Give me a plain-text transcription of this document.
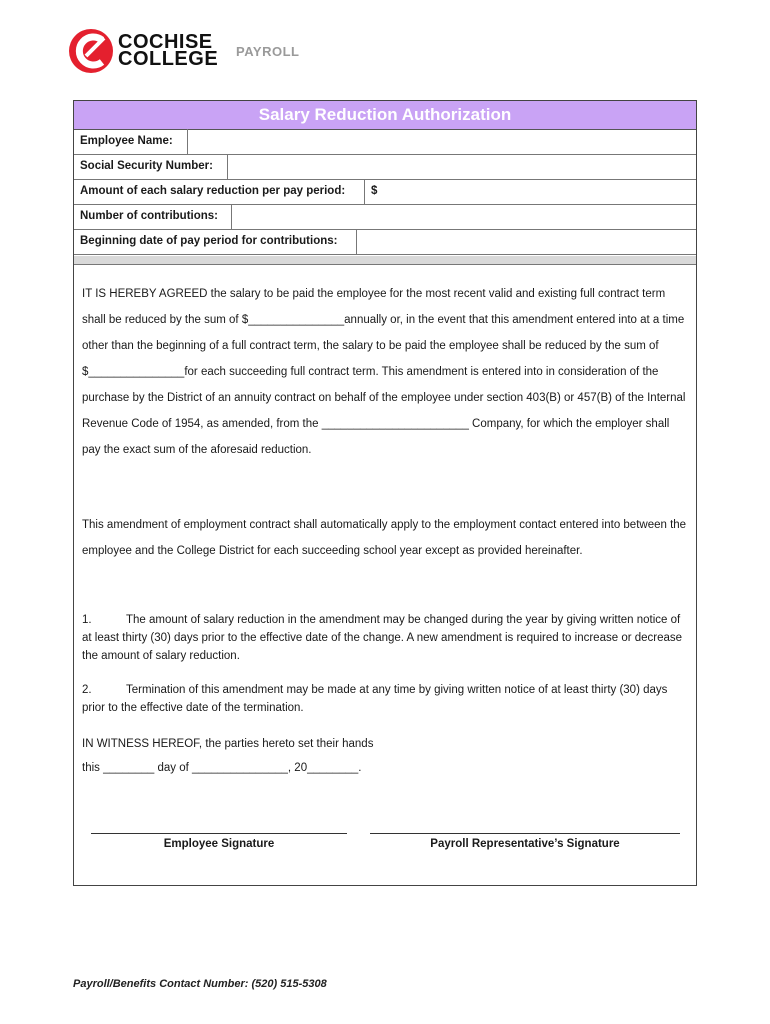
COCHISE
COLLEGE PAYROLL
Salary Reduction Authorization
Employee Name:
Social Security Number:
Amount of each salary reduction per pay period: $
Number of contributions:
Beginning date of pay period for contributions:
IT IS HEREBY AGREED the salary to be paid the employee for the most recent valid and existing full contract term shall be reduced by the sum of $_______________annually or, in the event that this amendment entered into at a time other than the beginning of a full contract term, the salary to be paid the employee shall be reduced by the sum of $_______________for each succeeding full contract term. This amendment is entered into in consideration of the purchase by the District of an annuity contract on behalf of the employee under section 403(B) or 457(B) of the Internal Revenue Code of 1954, as amended, from the _______________________ Company, for which the employer shall pay the exact sum of the aforesaid reduction.
This amendment of employment contract shall automatically apply to the employment contact entered into between the employee and the College District for each succeeding school year except as provided hereinafter.
1.	The amount of salary reduction in the amendment may be changed during the year by giving written notice of at least thirty (30) days prior to the effective date of the change. A new amendment is required to increase or decrease the amount of salary reduction.
2.	Termination of this amendment may be made at any time by giving written notice of at least thirty (30) days prior to the effective date of the termination.
IN WITNESS HEREOF, the parties hereto set their hands
this ________ day of _______________, 20________.
Employee Signature	Payroll Representative’s Signature
Payroll/Benefits Contact Number: (520) 515-5308
